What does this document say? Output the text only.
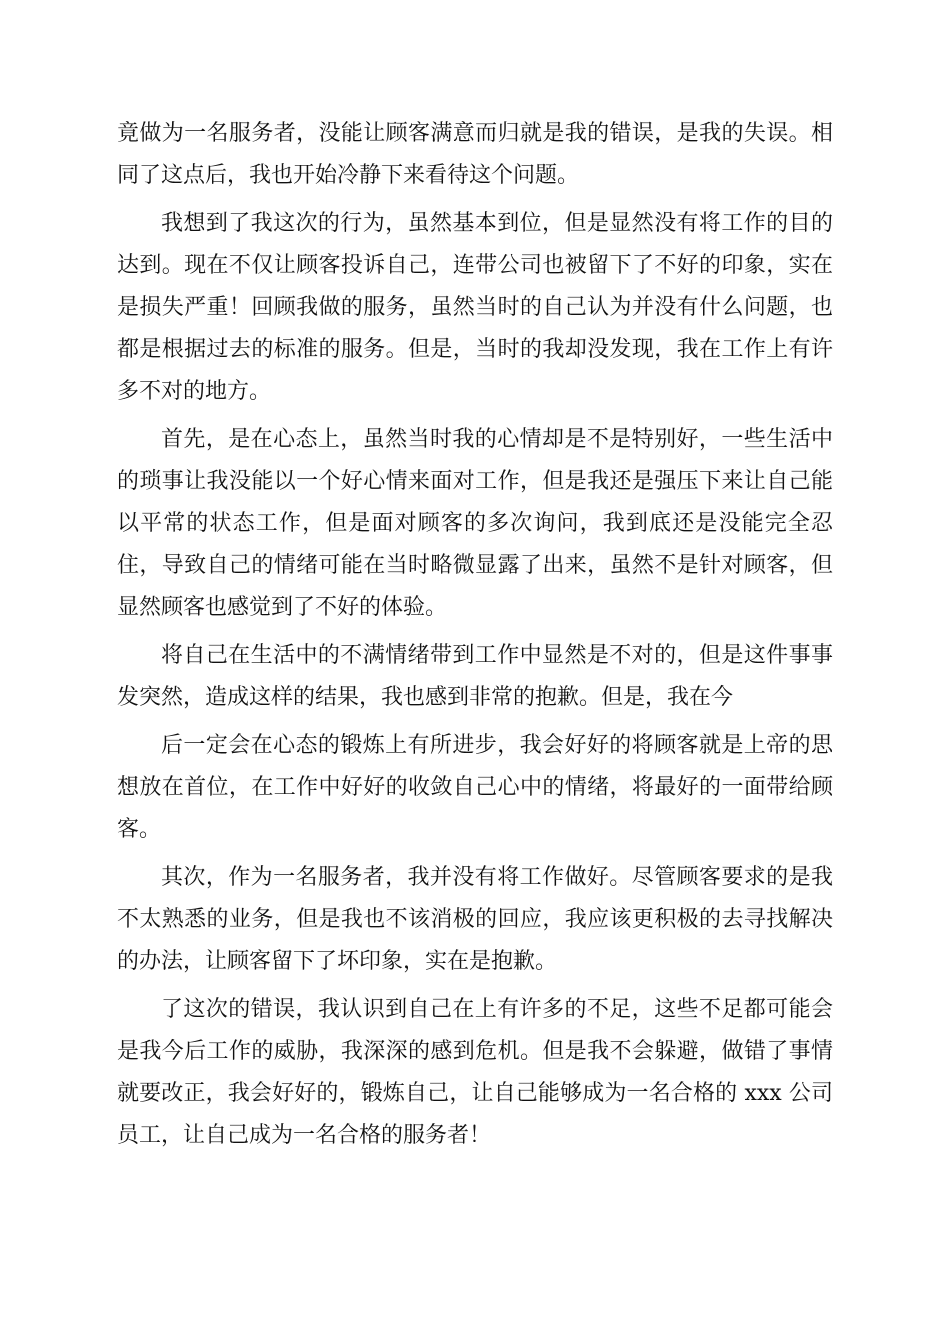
竟做为一名服务者，没能让顾客满意而归就是我的错误，是我的失误。相同了这点后，我也开始冷静下来看待这个问题。

我想到了我这次的行为，虽然基本到位，但是显然没有将工作的目的达到。现在不仅让顾客投诉自己，连带公司也被留下了不好的印象，实在是损失严重！回顾我做的服务，虽然当时的自己认为并没有什么问题，也都是根据过去的标准的服务。但是，当时的我却没发现，我在工作上有许多不对的地方。

首先，是在心态上，虽然当时我的心情却是不是特别好，一些生活中的琐事让我没能以一个好心情来面对工作，但是我还是强压下来让自己能以平常的状态工作，但是面对顾客的多次询问，我到底还是没能完全忍住，导致自己的情绪可能在当时略微显露了出来，虽然不是针对顾客，但显然顾客也感觉到了不好的体验。

将自己在生活中的不满情绪带到工作中显然是不对的，但是这件事事发突然，造成这样的结果，我也感到非常的抱歉。但是，我在今

后一定会在心态的锻炼上有所进步，我会好好的将顾客就是上帝的思想放在首位，在工作中好好的收敛自己心中的情绪，将最好的一面带给顾客。

其次，作为一名服务者，我并没有将工作做好。尽管顾客要求的是我不太熟悉的业务，但是我也不该消极的回应，我应该更积极的去寻找解决的办法，让顾客留下了坏印象，实在是抱歉。

了这次的错误，我认识到自己在上有许多的不足，这些不足都可能会是我今后工作的威胁，我深深的感到危机。但是我不会躲避，做错了事情就要改正，我会好好的，锻炼自己，让自己能够成为一名合格的 xxx 公司员工，让自己成为一名合格的服务者！
